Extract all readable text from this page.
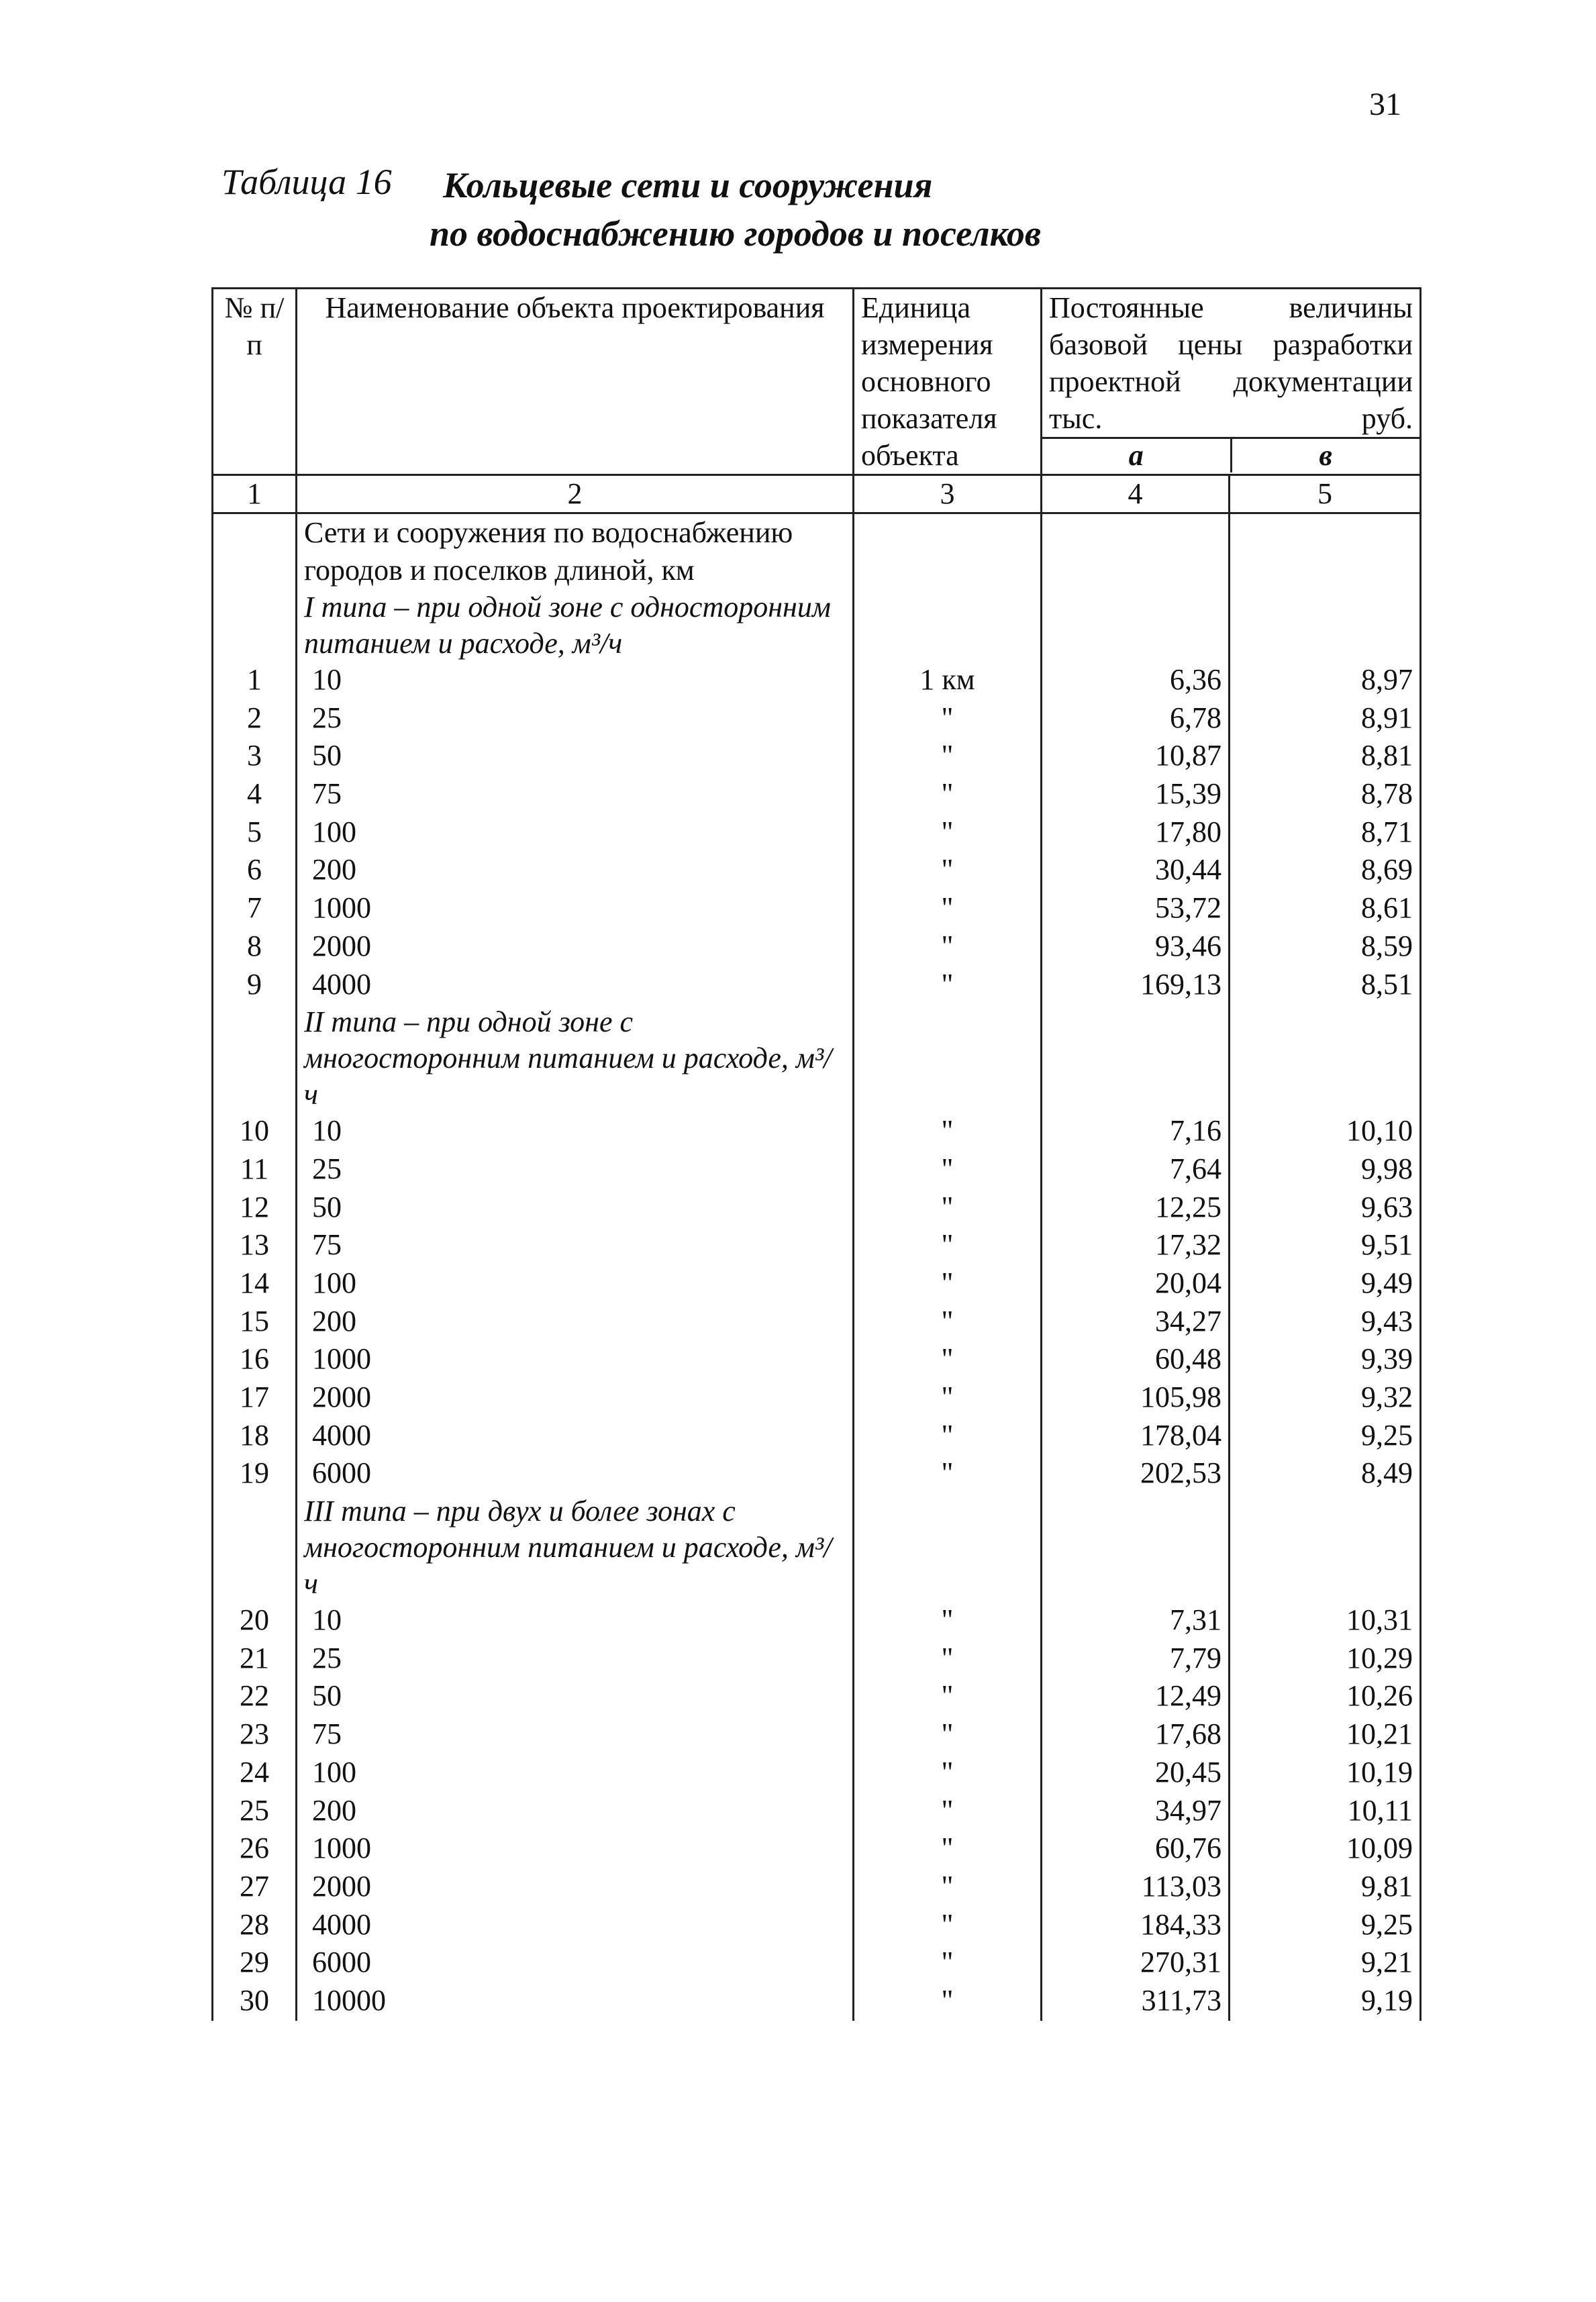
31
Таблица 16 Кольцевые сети и сооружения
по водоснабжению городов и поселков
№ п/п	Наименование объекта проектирования	Единица измерения основного показателя объекта	Постоянные величины базовой цены разработки проектной документации тыс. руб.
а в	

1	2	3	4	5
	Сети и сооружения по водоснабжению городов и поселков длиной, км			
	I типа – при одной зоне с односторонним питанием и расходе, м³/ч			
1	10	1 км	6,36	8,97
2	25	"	6,78	8,91
3	50	"	10,87	8,81
4	75	"	15,39	8,78
5	100	"	17,80	8,71
6	200	"	30,44	8,69
7	1000	"	53,72	8,61
8	2000	"	93,46	8,59
9	4000	"	169,13	8,51
	II типа – при одной зоне с многосторонним питанием и расходе, м³/ч			
10	10	"	7,16	10,10
11	25	"	7,64	9,98
12	50	"	12,25	9,63
13	75	"	17,32	9,51
14	100	"	20,04	9,49
15	200	"	34,27	9,43
16	1000	"	60,48	9,39
17	2000	"	105,98	9,32
18	4000	"	178,04	9,25
19	6000	"	202,53	8,49
	III типа – при двух и более зонах с многосторонним питанием и расходе, м³/ч			
20	10	"	7,31	10,31
21	25	"	7,79	10,29
22	50	"	12,49	10,26
23	75	"	17,68	10,21
24	100	"	20,45	10,19
25	200	"	34,97	10,11
26	1000	"	60,76	10,09
27	2000	"	113,03	9,81
28	4000	"	184,33	9,25
29	6000	"	270,31	9,21
30	10000	"	311,73	9,19
